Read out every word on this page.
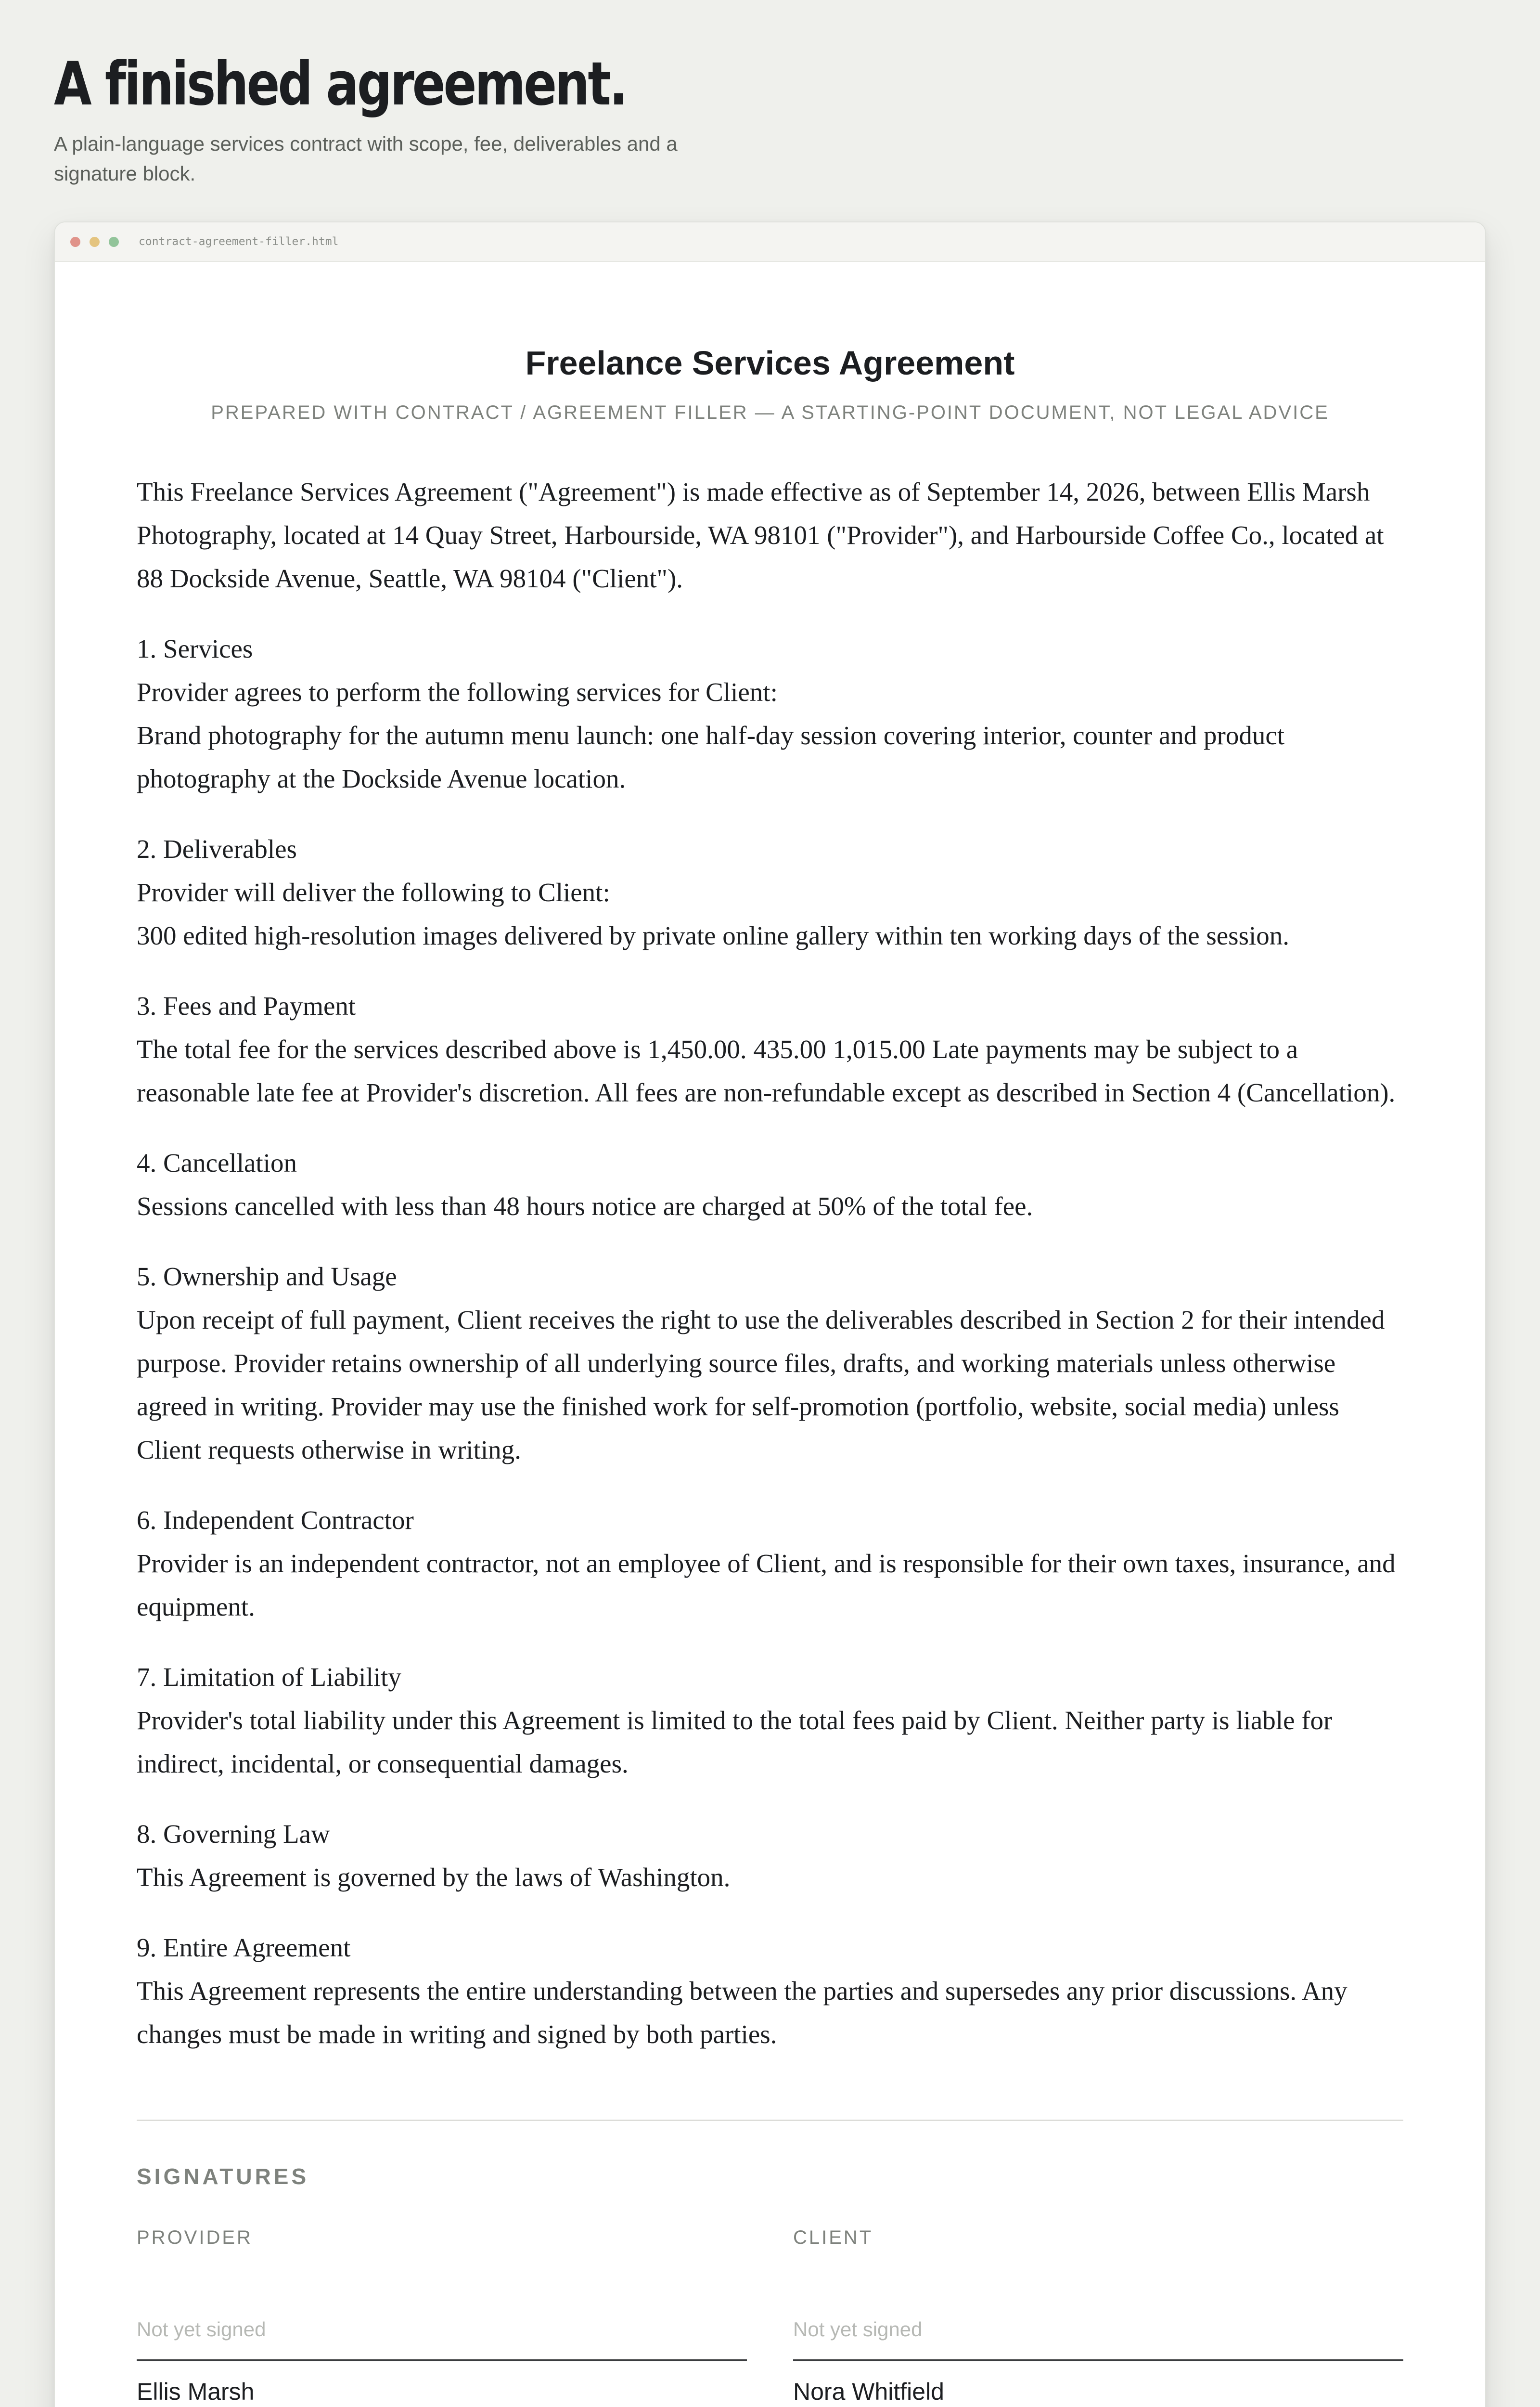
A finished agreement.
A plain-language services contract with scope, fee, deliverables and a signature block.
contract-agreement-filler.html
Freelance Services Agreement
PREPARED WITH CONTRACT / AGREEMENT FILLER — A STARTING-POINT DOCUMENT, NOT LEGAL ADVICE

This Freelance Services Agreement ("Agreement") is made effective as of September 14, 2026, between Ellis Marsh Photography, located at 14 Quay Street, Harbourside, WA 98101 ("Provider"), and Harbourside Coffee Co., located at 88 Dockside Avenue, Seattle, WA 98104 ("Client").

1. Services
Provider agrees to perform the following services for Client:
Brand photography for the autumn menu launch: one half-day session covering interior, counter and product photography at the Dockside Avenue location.
2. Deliverables
Provider will deliver the following to Client:
300 edited high-resolution images delivered by private online gallery within ten working days of the session.
3. Fees and Payment
The total fee for the services described above is 1,450.00. 435.00 1,015.00 Late payments may be subject to a reasonable late fee at Provider's discretion. All fees are non-refundable except as described in Section 4 (Cancellation).
4. Cancellation
Sessions cancelled with less than 48 hours notice are charged at 50% of the total fee.
5. Ownership and Usage
Upon receipt of full payment, Client receives the right to use the deliverables described in Section 2 for their intended purpose. Provider retains ownership of all underlying source files, drafts, and working materials unless otherwise agreed in writing. Provider may use the finished work for self-promotion (portfolio, website, social media) unless Client requests otherwise in writing.
6. Independent Contractor
Provider is an independent contractor, not an employee of Client, and is responsible for their own taxes, insurance, and equipment.
7. Limitation of Liability
Provider's total liability under this Agreement is limited to the total fees paid by Client. Neither party is liable for indirect, incidental, or consequential damages.
8. Governing Law
This Agreement is governed by the laws of Washington.
9. Entire Agreement
This Agreement represents the entire understanding between the parties and supersedes any prior discussions. Any changes must be made in writing and signed by both parties.
SIGNATURES
PROVIDER
Not yet signed
Ellis Marsh
CLIENT
Not yet signed
Nora Whitfield
